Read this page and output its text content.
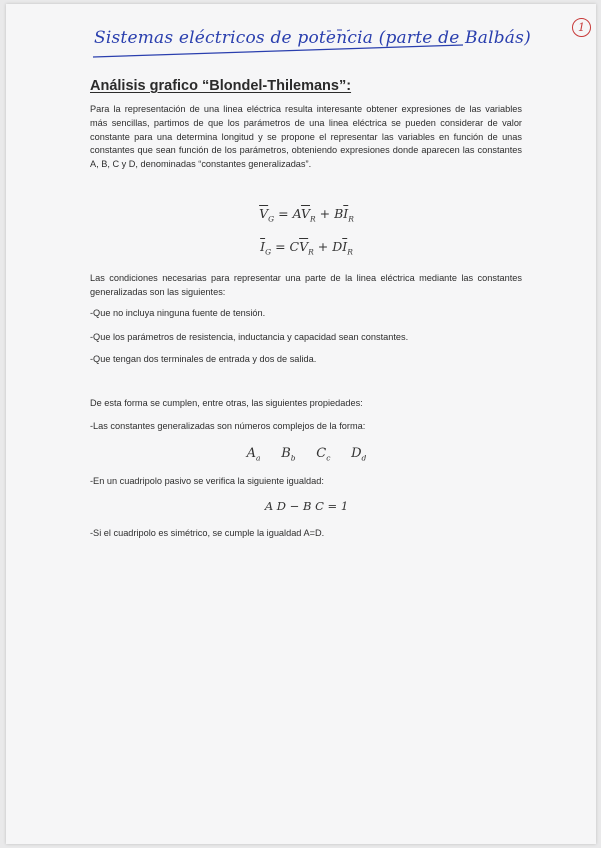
Sistemas eléctricos de potencia (parte de Balbás)
1
Análisis grafico “Blondel-Thilemans”:

Para la representación de una linea eléctrica resulta interesante obtener expresiones de las variables más sencillas, partimos de que los parámetros de una linea eléctrica se pueden considerar de valor constante para una determina longitud y se propone el representar las variables en función de unas constantes que sean función de los parámetros, obteniendo expresiones donde aparecen las constantes A, B, C y D, denominadas “constantes generalizadas”.

$\overline{V}_G = A\overline{V}_R + B\overline{I}_R$
$\overline{I}_G = C\overline{V}_R + D\overline{I}_R$

Las condiciones necesarias para representar una parte de la linea eléctrica mediante las constantes generalizadas son las siguientes:

-Que no incluya ninguna fuente de tensión.

-Que los parámetros de resistencia, inductancia y capacidad sean constantes.

-Que tengan dos terminales de entrada y dos de salida.

De esta forma se cumplen, entre otras, las siguientes propiedades:

-Las constantes generalizadas son números complejos de la forma:

$A_a$ $B_b$ $C_c$ $D_d$

-En un cuadripolo pasivo se verifica la siguiente igualdad:

A D − B C = 1

-Si el cuadripolo es simétrico, se cumple la igualdad A=D.
